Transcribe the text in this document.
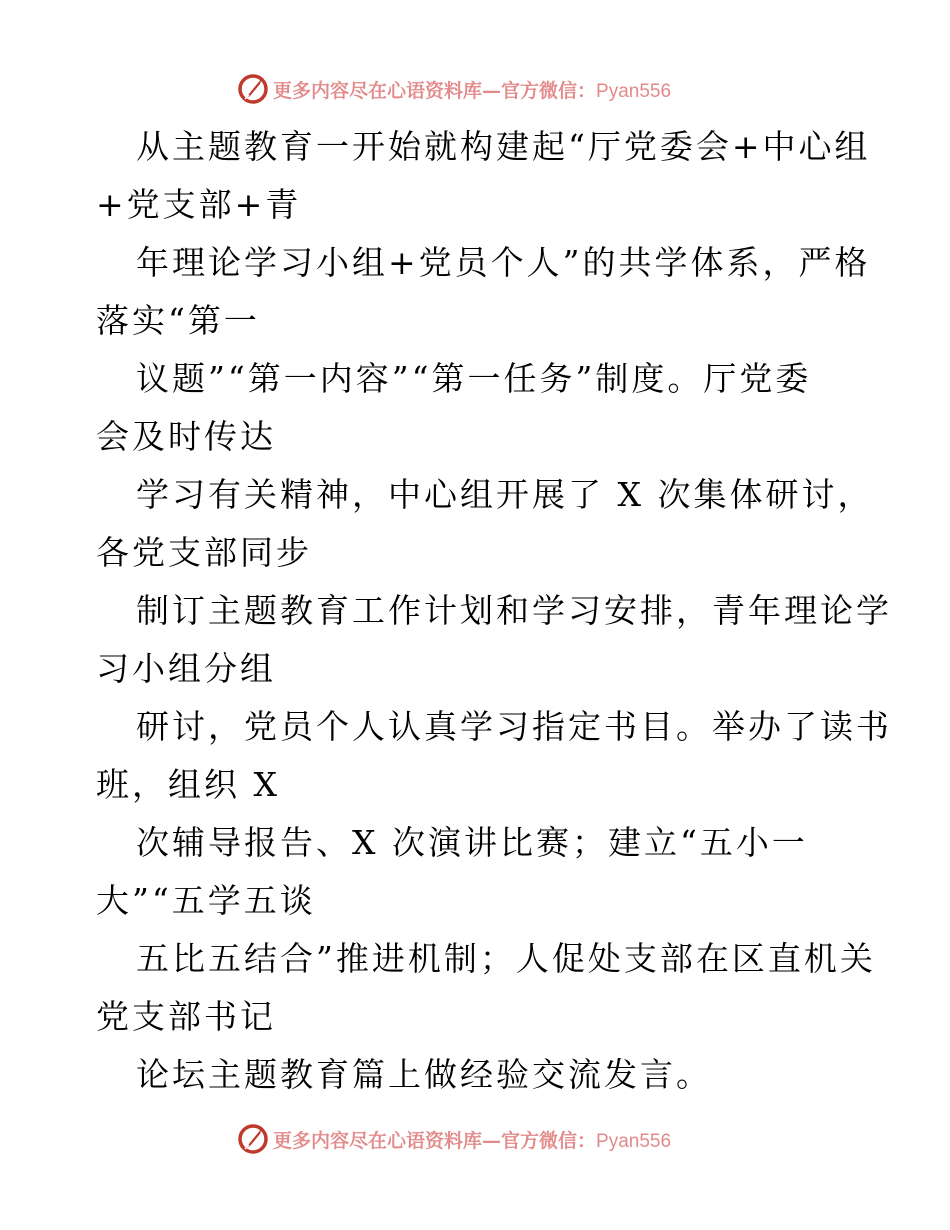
更多内容尽在心语资料库—官方微信：Pyan556
从主题教育一开始就构建起“厅党委会+中心组
+党支部+青
年理论学习小组+党员个人”的共学体系，严格
落实“第一
议题”“第一内容”“第一任务”制度。厅党委
会及时传达
学习有关精神，中心组开展了 X 次集体研讨，
各党支部同步
制订主题教育工作计划和学习安排，青年理论学
习小组分组
研讨，党员个人认真学习指定书目。举办了读书
班，组织 X
次辅导报告、X 次演讲比赛；建立“五小一
大”“五学五谈
五比五结合”推进机制；人促处支部在区直机关
党支部书记
论坛主题教育篇上做经验交流发言。
更多内容尽在心语资料库—官方微信：Pyan556
